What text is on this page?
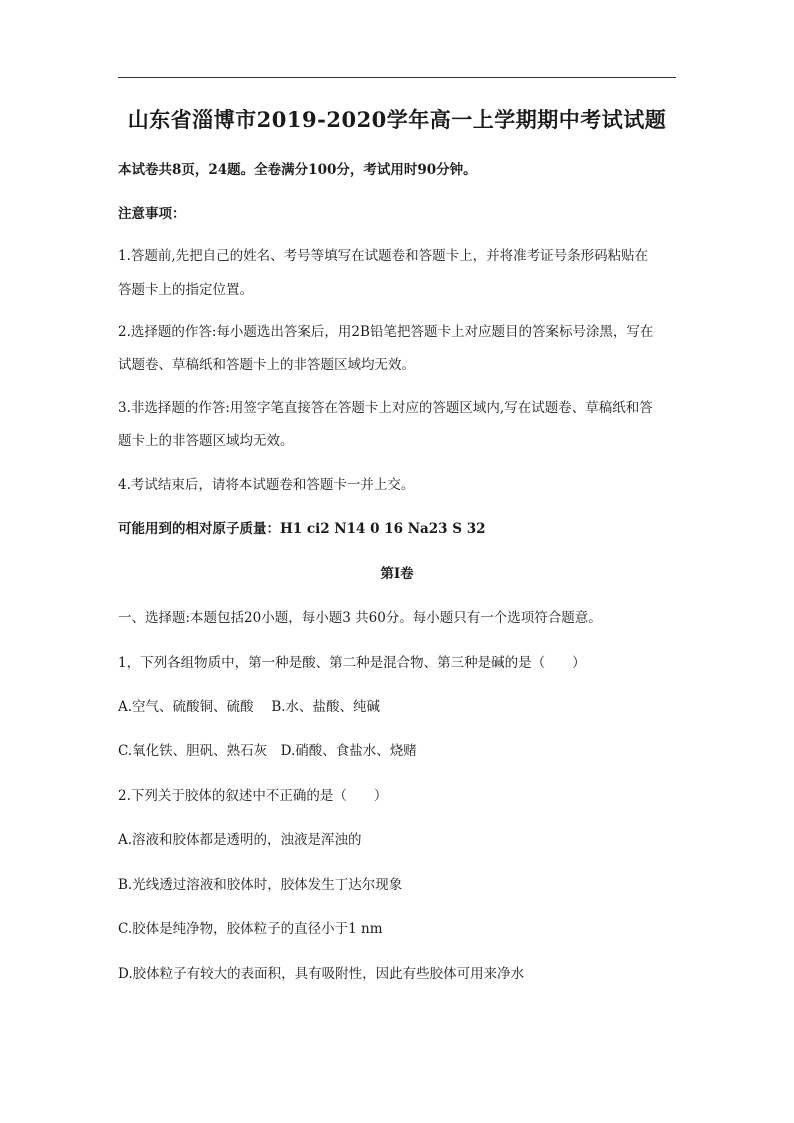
山东省淄博市2019-2020学年高一上学期期中考试试题
本试卷共8页，24题。全卷满分100分，考试用时90分钟。
注意事项：
1.答题前,先把自己的姓名、考号等填写在试题卷和答题卡上，并将准考证号条形码粘贴在
答题卡上的指定位置。
2.选择题的作答:每小题选出答案后，用2B铅笔把答题卡上对应题目的答案标号涂黑，写在
试题卷、草稿纸和答题卡上的非答题区域均无效。
3.非选择题的作答:用签字笔直接答在答题卡上对应的答题区域内,写在试题卷、草稿纸和答
题卡上的非答题区域均无效。
4.考试结束后，请将本试题卷和答题卡一并上交。
可能用到的相对原子质量：H1 ci2 N14 0 16 Na23 S 32
第Ⅰ卷
一、选择题:本题包括20小题，每小题3 共60分。每小题只有一个选项符合题意。
1，下列各组物质中，第一种是酸、第二种是混合物、第三种是碱的是（　　）
A.空气、硫酸铜、硫酸　 B.水、盐酸、纯碱
C.氧化铁、胆矾、熟石灰　D.硝酸、食盐水、烧赌
2.下列关于胶体的叙述中不正确的是（　　）
A.溶液和胶体都是透明的，浊液是浑浊的
B.光线透过溶液和胶体时，胶体发生丁达尔现象
C.胶体是纯净物，胶体粒子的直径小于1 nm
D.胶体粒子有较大的表面积，具有吸附性，因此有些胶体可用来净水
